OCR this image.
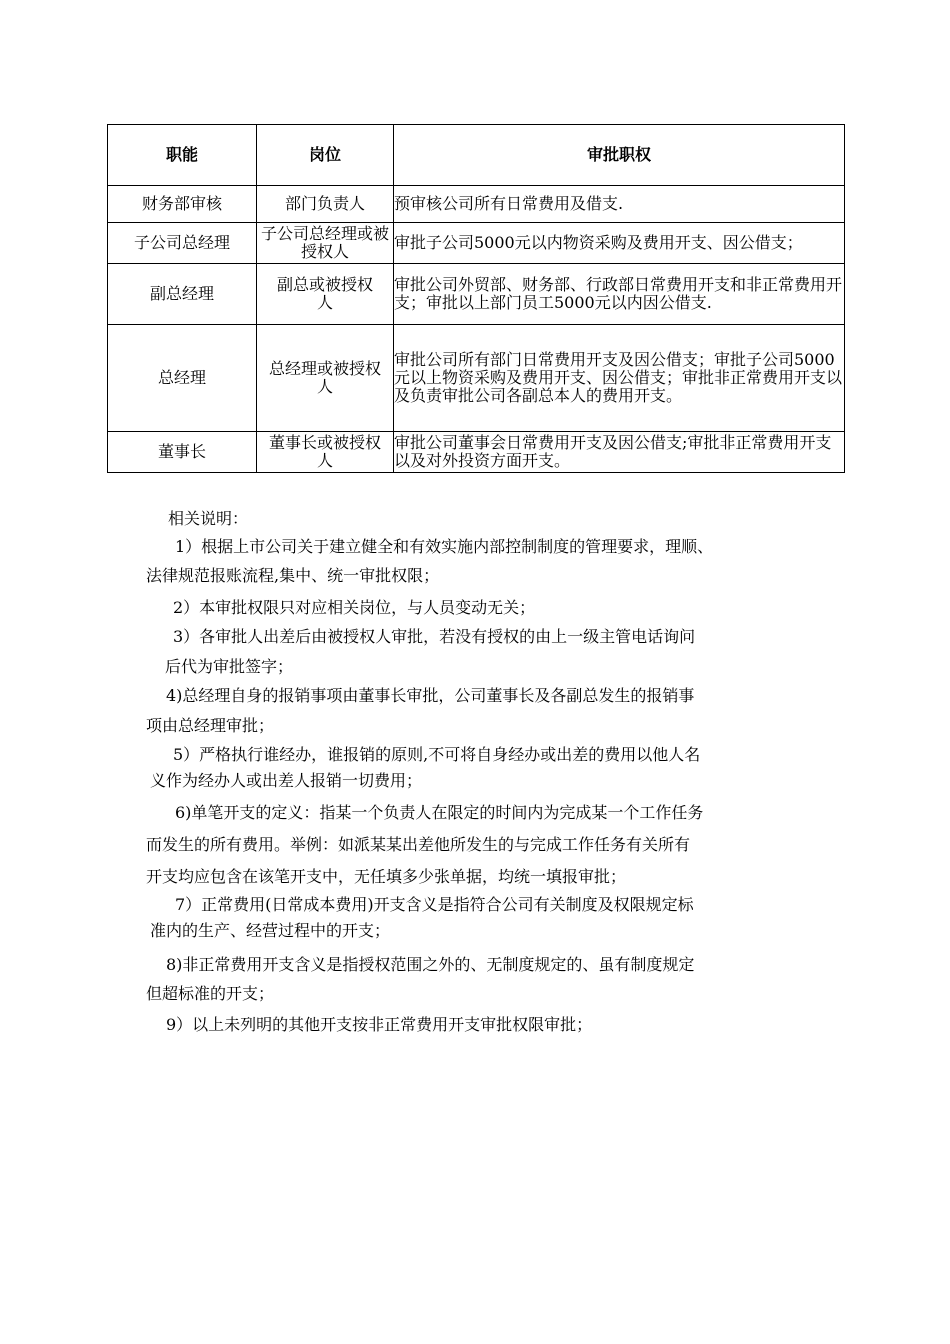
职能	岗位	审批职权
财务部审核	部门负责人	预审核公司所有日常费用及借支.
子公司总经理	子公司总经理或被授权人	审批子公司5000元以内物资采购及费用开支、因公借支；
副总经理	副总或被授权人	审批公司外贸部、财务部、行政部日常费用开支和非正常费用开支；审批以上部门员工5000元以内因公借支.
总经理	总经理或被授权人	审批公司所有部门日常费用开支及因公借支；审批子公司5000元以上物资采购及费用开支、因公借支；审批非正常费用开支以及负责审批公司各副总本人的费用开支。
董事长	董事长或被授权人	审批公司董事会日常费用开支及因公借支;审批非正常费用开支以及对外投资方面开支。
相关说明：
1）根据上市公司关于建立健全和有效实施内部控制制度的管理要求，理顺、
法律规范报账流程,集中、统一审批权限；
2）本审批权限只对应相关岗位，与人员变动无关；
3）各审批人出差后由被授权人审批，若没有授权的由上一级主管电话询问
后代为审批签字；
4)总经理自身的报销事项由董事长审批，公司董事长及各副总发生的报销事
项由总经理审批；
5）严格执行谁经办，谁报销的原则,不可将自身经办或出差的费用以他人名
义作为经办人或出差人报销一切费用；
6)单笔开支的定义：指某一个负责人在限定的时间内为完成某一个工作任务
而发生的所有费用。举例：如派某某出差他所发生的与完成工作任务有关所有
开支均应包含在该笔开支中，无任填多少张单据，均统一填报审批；
7）正常费用(日常成本费用)开支含义是指符合公司有关制度及权限规定标
准内的生产、经营过程中的开支；
8)非正常费用开支含义是指授权范围之外的、无制度规定的、虽有制度规定
但超标准的开支；
9）以上未列明的其他开支按非正常费用开支审批权限审批；
